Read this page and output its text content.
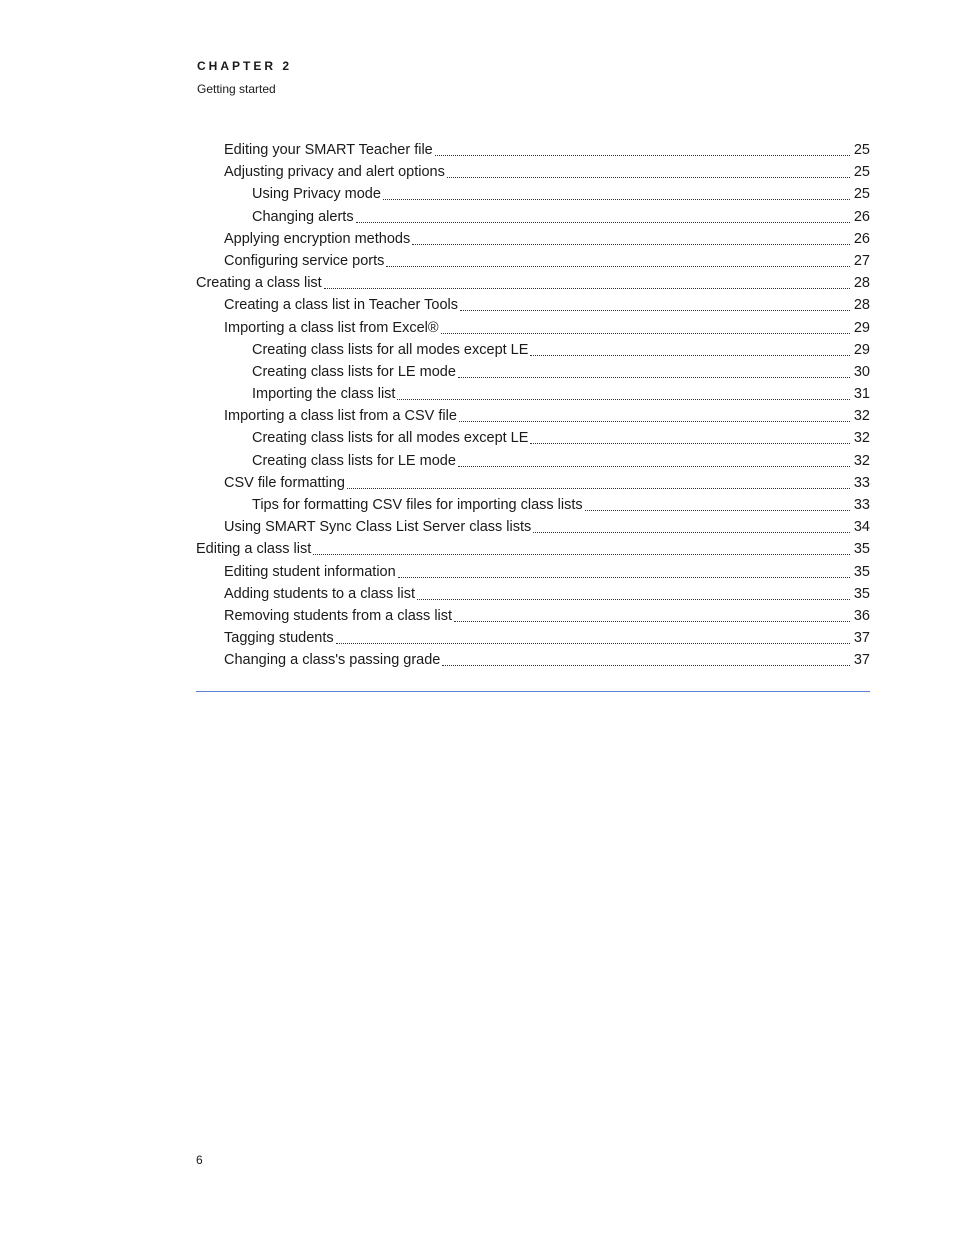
CHAPTER 2
Getting started
Editing your SMART Teacher file	25
Adjusting privacy and alert options	25
Using Privacy mode	25
Changing alerts	26
Applying encryption methods	26
Configuring service ports	27
Creating a class list	28
Creating a class list in Teacher Tools	28
Importing a class list from Excel®	29
Creating class lists for all modes except LE	29
Creating class lists for LE mode	30
Importing the class list	31
Importing a class list from a CSV file	32
Creating class lists for all modes except LE	32
Creating class lists for LE mode	32
CSV file formatting	33
Tips for formatting CSV files for importing class lists	33
Using SMART Sync Class List Server class lists	34
Editing a class list	35
Editing student information	35
Adding students to a class list	35
Removing students from a class list	36
Tagging students	37
Changing a class's passing grade	37
6
